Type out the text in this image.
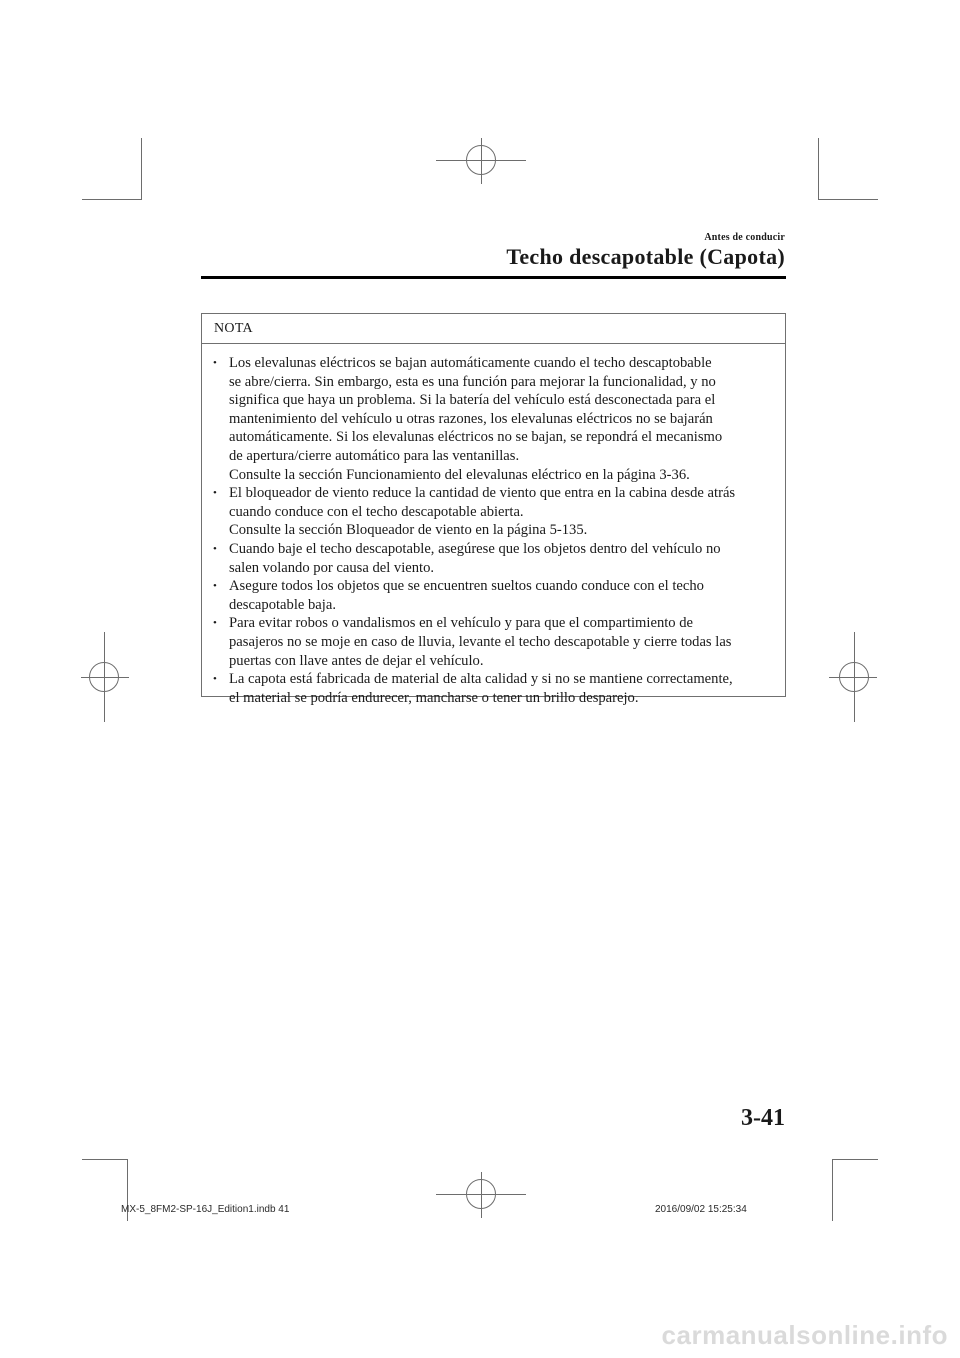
Antes de conducir
Techo descapotable (Capota)
NOTA
•
Los elevalunas eléctricos se bajan automáticamente cuando el techo descaptobable
se abre/cierra. Sin embargo, esta es una función para mejorar la funcionalidad, y no
significa que haya un problema. Si la batería del vehículo está desconectada para el
mantenimiento del vehículo u otras razones, los elevalunas eléctricos no se bajarán
automáticamente. Si los elevalunas eléctricos no se bajan, se repondrá el mecanismo
de apertura/cierre automático para las ventanillas.
Consulte la sección Funcionamiento del elevalunas eléctrico en la página 3-36.
•
El bloqueador de viento reduce la cantidad de viento que entra en la cabina desde atrás
cuando conduce con el techo descapotable abierta.
Consulte la sección Bloqueador de viento en la página 5-135.
•
Cuando baje el techo descapotable, asegúrese que los objetos dentro del vehículo no
salen volando por causa del viento.
•
Asegure todos los objetos que se encuentren sueltos cuando conduce con el techo
descapotable baja.
•
Para evitar robos o vandalismos en el vehículo y para que el compartimiento de
pasajeros no se moje en caso de lluvia, levante el techo descapotable y cierre todas las
puertas con llave antes de dejar el vehículo.
•
La capota está fabricada de material de alta calidad y si no se mantiene correctamente,
el material se podría endurecer, mancharse o tener un brillo desparejo.
3-41
MX-5_8FM2-SP-16J_Edition1.indb 41	2016/09/02 15:25:34
carmanualsonline.info
